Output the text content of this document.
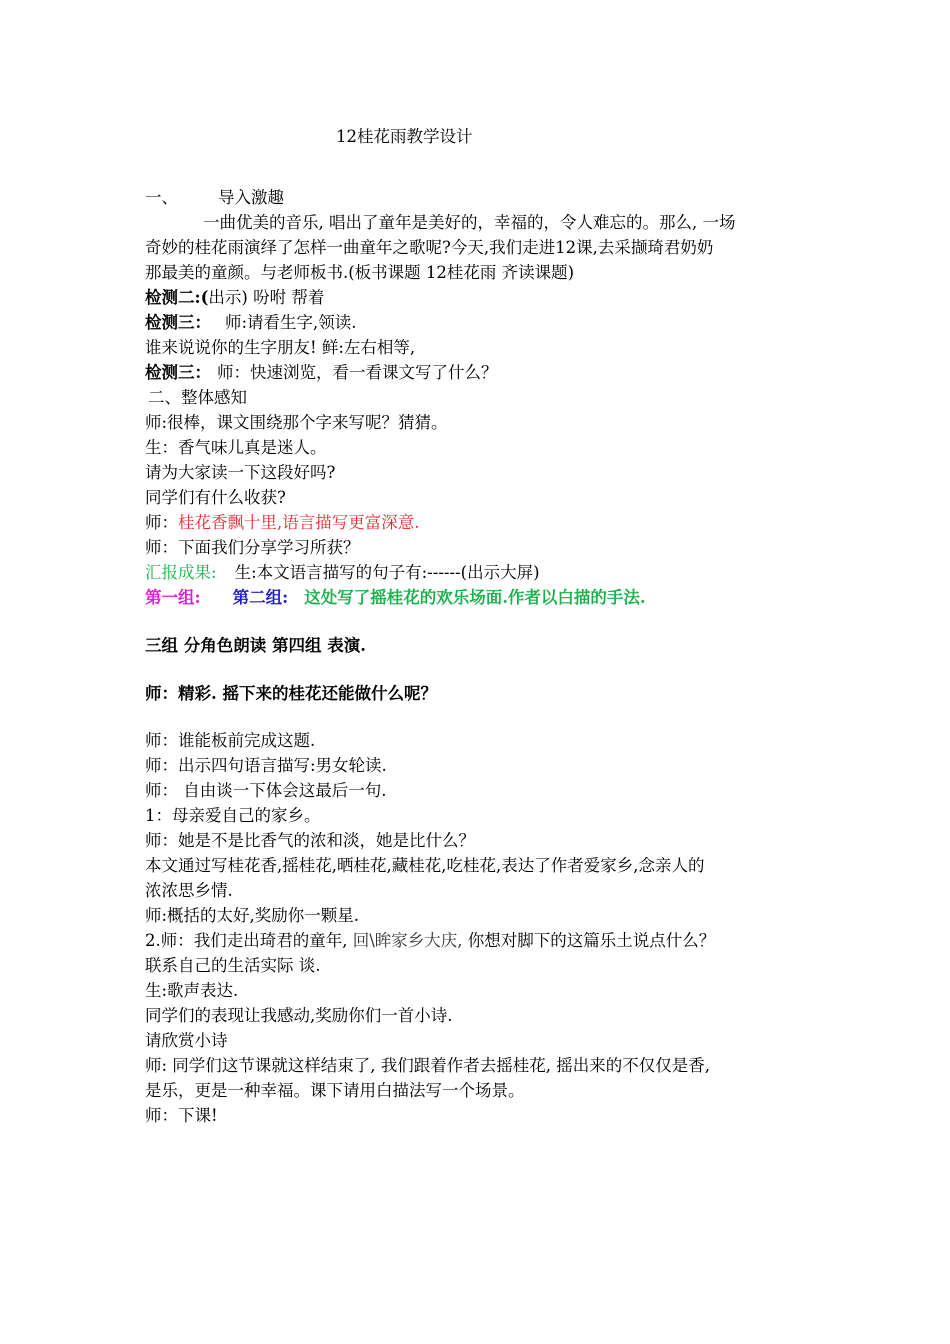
12桂花雨教学设计
一、 导入激趣
一曲优美的音乐, 唱出了童年是美好的，幸福的，令人难忘的。那么, 一场
奇妙的桂花雨演绎了怎样一曲童年之歌呢?今天,我们走进12课,去采撷琦君奶奶
那最美的童颜。与老师板书.(板书课题 12桂花雨 齐读课题)
检测二:(出示) 吩咐 帮着
检测三： 师:请看生字,领读.
谁来说说你的生字朋友! 鲜:左右相等,
检测三： 师：快速浏览，看一看课文写了什么？
二、整体感知
师:很棒，课文围绕那个字来写呢？猜猜。
生：香气味儿真是迷人。
请为大家读一下这段好吗?
同学们有什么收获?
师：桂花香飘十里,语言描写更富深意.
师：下面我们分享学习所获？
汇报成果: 生:本文语言描写的句子有:------(出示大屏)
第一组: 第二组: 这处写了摇桂花的欢乐场面.作者以白描的手法.
三组 分角色朗读 第四组 表演.
师：精彩. 摇下来的桂花还能做什么呢？
师：谁能板前完成这题.
师：出示四句语言描写:男女轮读.
师： 自由谈一下体会这最后一句.
1：母亲爱自己的家乡。
师：她是不是比香气的浓和淡，她是比什么？
本文通过写桂花香,摇桂花,晒桂花,藏桂花,吃桂花,表达了作者爱家乡,念亲人的
浓浓思乡情.
师:概括的太好,奖励你一颗星.
2.师：我们走出琦君的童年, 回\眸家乡大庆, 你想对脚下的这篇乐土说点什么？
联系自己的生活实际 谈.
生:歌声表达.
同学们的表现让我感动,奖励你们一首小诗.
请欣赏小诗
师: 同学们这节课就这样结束了, 我们跟着作者去摇桂花, 摇出来的不仅仅是香,
是乐，更是一种幸福。课下请用白描法写一个场景。
师：下课!
